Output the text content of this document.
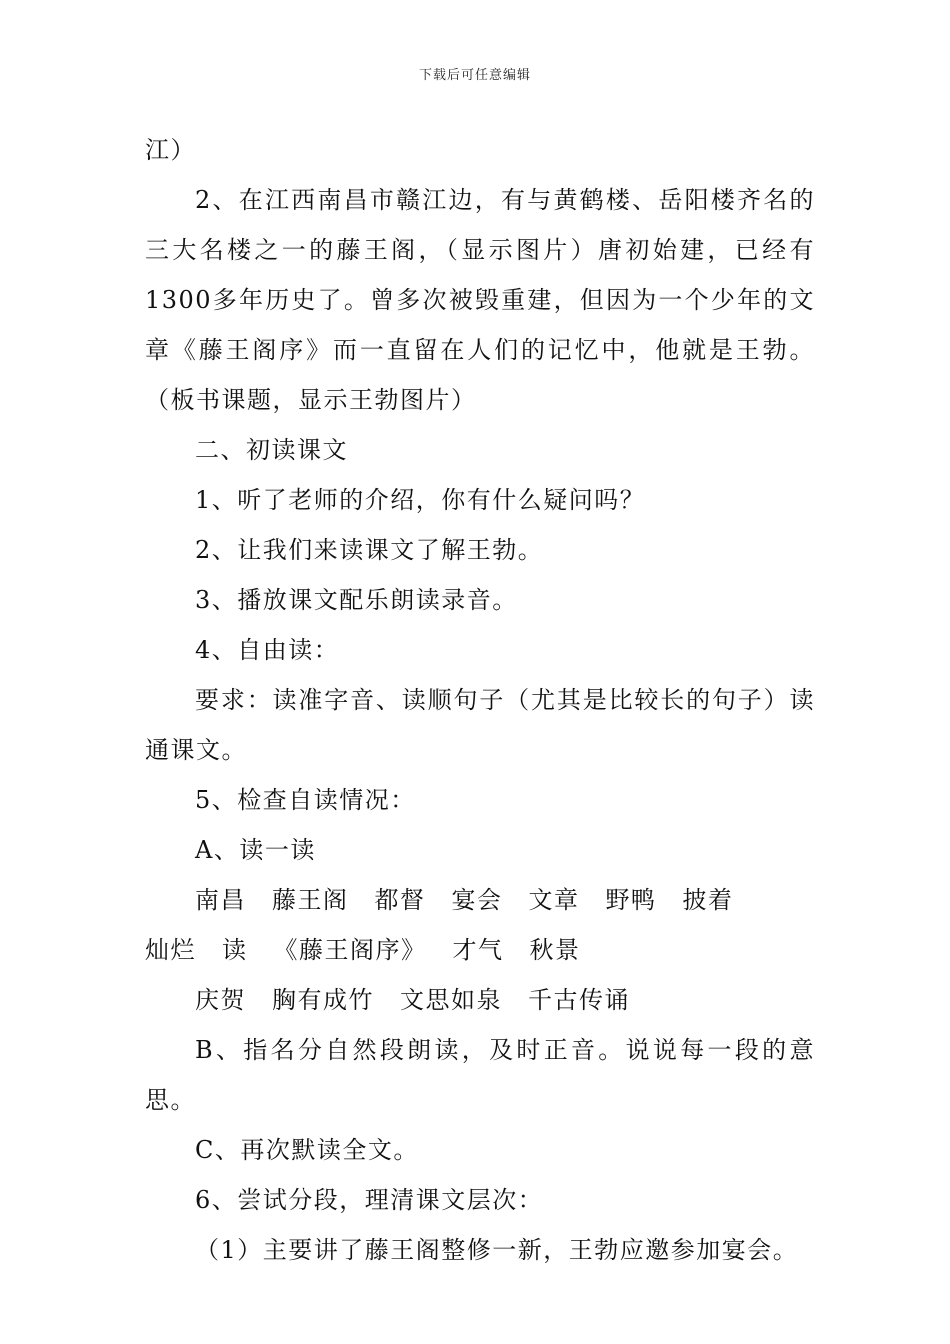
下载后可任意编辑

江）

2、在江西南昌市赣江边，有与黄鹤楼、岳阳楼齐名的三大名楼之一的藤王阁，（显示图片）唐初始建，已经有1300多年历史了。曾多次被毁重建，但因为一个少年的文章《藤王阁序》而一直留在人们的记忆中，他就是王勃。（板书课题，显示王勃图片）

二、初读课文

1、听了老师的介绍，你有什么疑问吗？

2、让我们来读课文了解王勃。

3、播放课文配乐朗读录音。

4、自由读：

要求：读准字音、读顺句子（尤其是比较长的句子）读通课文。

5、检查自读情况：

A、读一读

南昌 藤王阁 都督 宴会 文章 野鸭 披着灿烂 读 《藤王阁序》 才气 秋景

庆贺 胸有成竹 文思如泉 千古传诵

B、指名分自然段朗读，及时正音。说说每一段的意思。

C、再次默读全文。

6、尝试分段，理清课文层次：

（1）主要讲了藤王阁整修一新，王勃应邀参加宴会。
